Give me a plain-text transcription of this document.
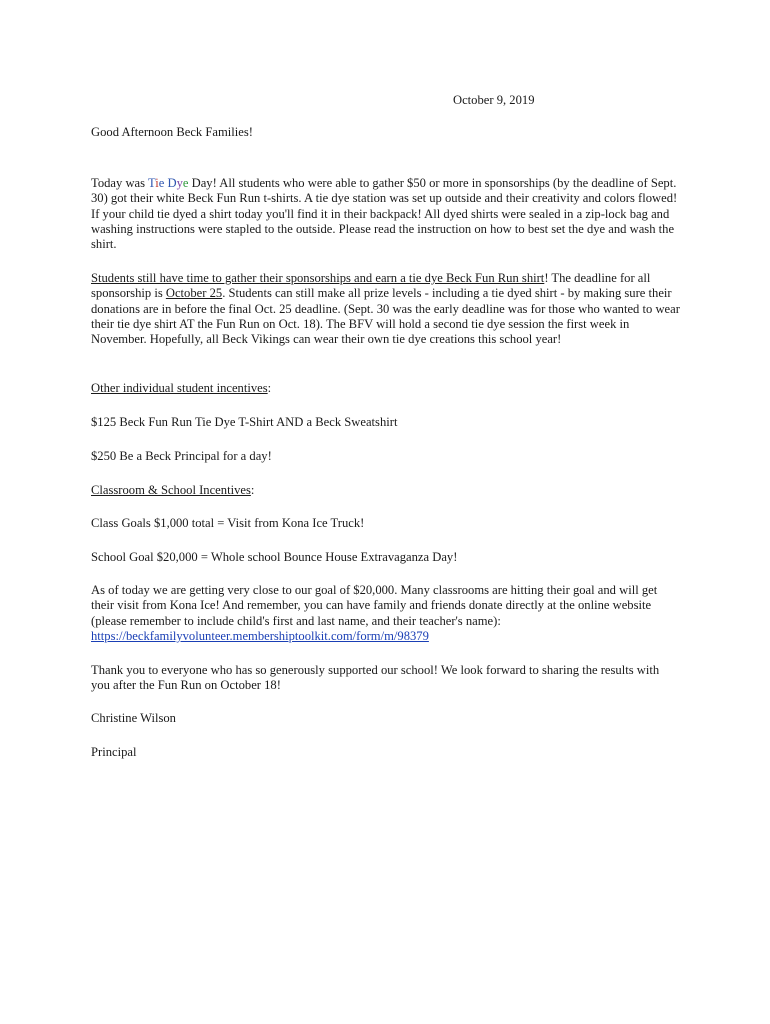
October 9, 2019

Good Afternoon Beck Families!

Today was Tie Dye Day! All students who were able to gather $50 or more in sponsorships (by the deadline of Sept. 30) got their white Beck Fun Run t-shirts. A tie dye station was set up outside and their creativity and colors flowed! If your child tie dyed a shirt today you'll find it in their backpack! All dyed shirts were sealed in a zip-lock bag and washing instructions were stapled to the outside. Please read the instruction on how to best set the dye and wash the shirt.

Students still have time to gather their sponsorships and earn a tie dye Beck Fun Run shirt! The deadline for all sponsorship is October 25. Students can still make all prize levels - including a tie dyed shirt - by making sure their donations are in before the final Oct. 25 deadline. (Sept. 30 was the early deadline was for those who wanted to wear their tie dye shirt AT the Fun Run on Oct. 18). The BFV will hold a second tie dye session the first week in November. Hopefully, all Beck Vikings can wear their own tie dye creations this school year!

Other individual student incentives:

$125 Beck Fun Run Tie Dye T-Shirt AND a Beck Sweatshirt

$250 Be a Beck Principal for a day!

Classroom & School Incentives:

Class Goals $1,000 total = Visit from Kona Ice Truck!

School Goal $20,000 = Whole school Bounce House Extravaganza Day!

As of today we are getting very close to our goal of $20,000. Many classrooms are hitting their goal and will get their visit from Kona Ice! And remember, you can have family and friends donate directly at the online website (please remember to include child's first and last name, and their teacher's name): https://beckfamilyvolunteer.membershiptoolkit.com/form/m/98379

Thank you to everyone who has so generously supported our school! We look forward to sharing the results with you after the Fun Run on October 18!

Christine Wilson

Principal
